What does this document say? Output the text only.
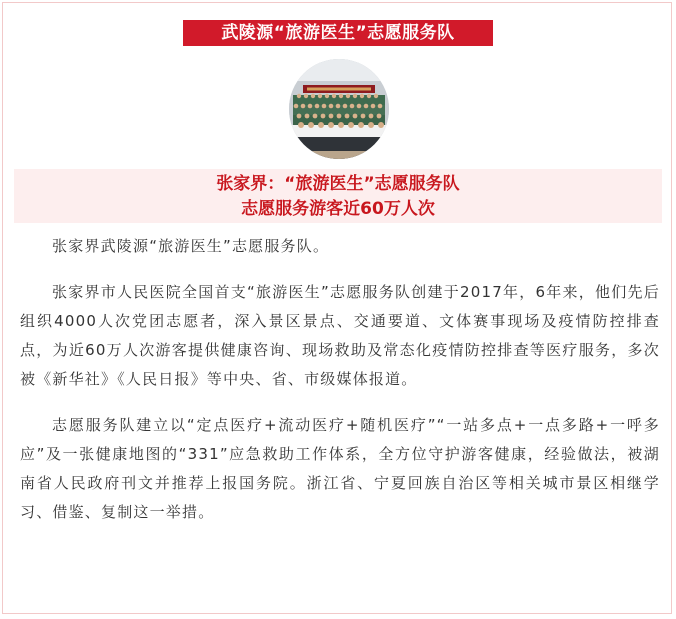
武陵源“旅游医生”志愿服务队
张家界：“旅游医生”志愿服务队
志愿服务游客近60万人次

张家界武陵源“旅游医生”志愿服务队。

张家界市人民医院全国首支“旅游医生”志愿服务队创建于2017年，6年来，他们先后组织4000人次党团志愿者，深入景区景点、交通要道、文体赛事现场及疫情防控排查点，为近60万人次游客提供健康咨询、现场救助及常态化疫情防控排查等医疗服务，多次被《新华社》《人民日报》等中央、省、市级媒体报道。

志愿服务队建立以“定点医疗+流动医疗+随机医疗”“一站多点+一点多路+一呼多应”及一张健康地图的“331”应急救助工作体系，全方位守护游客健康，经验做法，被湖南省人民政府刊文并推荐上报国务院。浙江省、宁夏回族自治区等相关城市景区相继学习、借鉴、复制这一举措。
